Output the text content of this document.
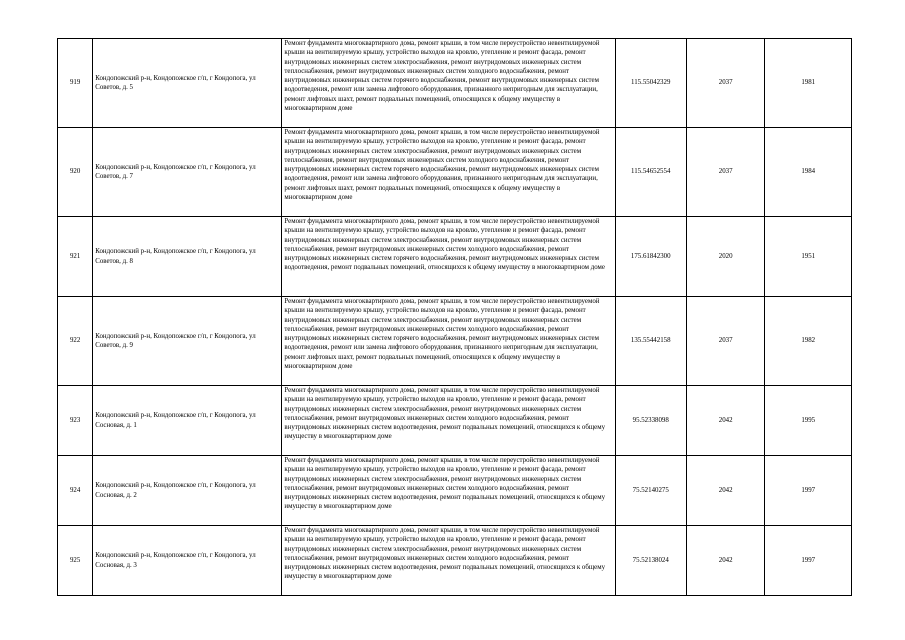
919	Кондопожский р-н, Кондопожское г/п, г Кондопога, ул Советов, д. 5	Ремонт фундамента многоквартирного дома, ремонт крыши, в том числе переустройство невентилируемой крыши на вентилируемую крышу, устройство выходов на кровлю, утепление и ремонт фасада, ремонт внутридомовых инженерных систем электроснабжения, ремонт внутридомовых инженерных систем теплоснабжения, ремонт внутридомовых инженерных систем холодного водоснабжения, ремонт внутридомовых инженерных систем горячего водоснабжения, ремонт внутридомовых инженерных систем водоотведения, ремонт или замена лифтового оборудования, признанного непригодным для эксплуатации, ремонт лифтовых шахт, ремонт подвальных помещений, относящихся к общему имуществу в многоквартирном доме	115.55042329	2037	1981
920	Кондопожский р-н, Кондопожское г/п, г Кондопога, ул Советов, д. 7	Ремонт фундамента многоквартирного дома, ремонт крыши, в том числе переустройство невентилируемой крыши на вентилируемую крышу, устройство выходов на кровлю, утепление и ремонт фасада, ремонт внутридомовых инженерных систем электроснабжения, ремонт внутридомовых инженерных систем теплоснабжения, ремонт внутридомовых инженерных систем холодного водоснабжения, ремонт внутридомовых инженерных систем горячего водоснабжения, ремонт внутридомовых инженерных систем водоотведения, ремонт или замена лифтового оборудования, признанного непригодным для эксплуатации, ремонт лифтовых шахт, ремонт подвальных помещений, относящихся к общему имуществу в многоквартирном доме	115.54652554	2037	1984
921	Кондопожский р-н, Кондопожское г/п, г Кондопога, ул Советов, д. 8	Ремонт фундамента многоквартирного дома, ремонт крыши, в том числе переустройство невентилируемой крыши на вентилируемую крышу, устройство выходов на кровлю, утепление и ремонт фасада, ремонт внутридомовых инженерных систем электроснабжения, ремонт внутридомовых инженерных систем теплоснабжения, ремонт внутридомовых инженерных систем холодного водоснабжения, ремонт внутридомовых инженерных систем горячего водоснабжения, ремонт внутридомовых инженерных систем водоотведения, ремонт подвальных помещений, относящихся к общему имуществу в многоквартирном доме	175.61842300	2020	1951
922	Кондопожский р-н, Кондопожское г/п, г Кондопога, ул Советов, д. 9	Ремонт фундамента многоквартирного дома, ремонт крыши, в том числе переустройство невентилируемой крыши на вентилируемую крышу, устройство выходов на кровлю, утепление и ремонт фасада, ремонт внутридомовых инженерных систем электроснабжения, ремонт внутридомовых инженерных систем теплоснабжения, ремонт внутридомовых инженерных систем холодного водоснабжения, ремонт внутридомовых инженерных систем горячего водоснабжения, ремонт внутридомовых инженерных систем водоотведения, ремонт или замена лифтового оборудования, признанного непригодным для эксплуатации, ремонт лифтовых шахт, ремонт подвальных помещений, относящихся к общему имуществу в многоквартирном доме	135.55442158	2037	1982
923	Кондопожский р-н, Кондопожское г/п, г Кондопога, ул Сосновая, д. 1	Ремонт фундамента многоквартирного дома, ремонт крыши, в том числе переустройство невентилируемой крыши на вентилируемую крышу, устройство выходов на кровлю, утепление и ремонт фасада, ремонт внутридомовых инженерных систем электроснабжения, ремонт внутридомовых инженерных систем теплоснабжения, ремонт внутридомовых инженерных систем холодного водоснабжения, ремонт внутридомовых инженерных систем водоотведения, ремонт подвальных помещений, относящихся к общему имуществу в многоквартирном доме	95.52338098	2042	1995
924	Кондопожский р-н, Кондопожское г/п, г Кондопога, ул Сосновая, д. 2	Ремонт фундамента многоквартирного дома, ремонт крыши, в том числе переустройство невентилируемой крыши на вентилируемую крышу, устройство выходов на кровлю, утепление и ремонт фасада, ремонт внутридомовых инженерных систем электроснабжения, ремонт внутридомовых инженерных систем теплоснабжения, ремонт внутридомовых инженерных систем холодного водоснабжения, ремонт внутридомовых инженерных систем водоотведения, ремонт подвальных помещений, относящихся к общему имуществу в многоквартирном доме	75.52140275	2042	1997
925	Кондопожский р-н, Кондопожское г/п, г Кондопога, ул Сосновая, д. 3	Ремонт фундамента многоквартирного дома, ремонт крыши, в том числе переустройство невентилируемой крыши на вентилируемую крышу, устройство выходов на кровлю, утепление и ремонт фасада, ремонт внутридомовых инженерных систем электроснабжения, ремонт внутридомовых инженерных систем теплоснабжения, ремонт внутридомовых инженерных систем холодного водоснабжения, ремонт внутридомовых инженерных систем водоотведения, ремонт подвальных помещений, относящихся к общему имуществу в многоквартирном доме	75.52138024	2042	1997
